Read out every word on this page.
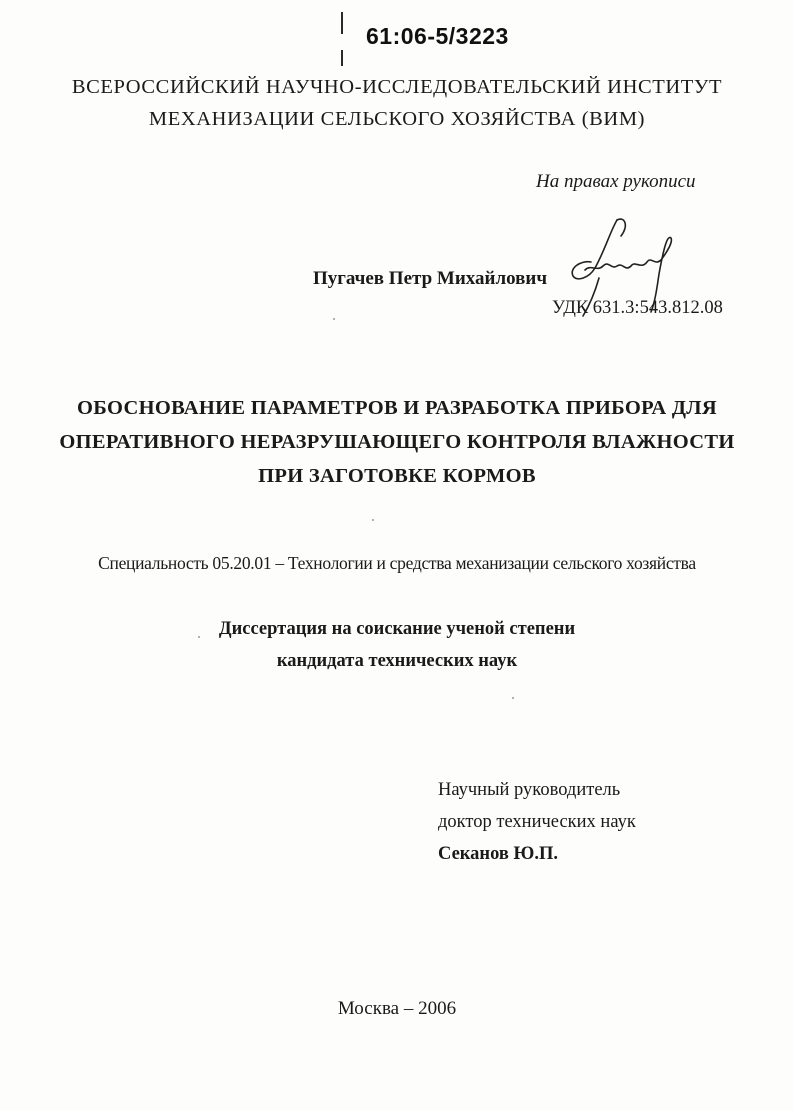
61:06-5/3223
ВСЕРОССИЙСКИЙ НАУЧНО-ИССЛЕДОВАТЕЛЬСКИЙ ИНСТИТУТ
МЕХАНИЗАЦИИ СЕЛЬСКОГО ХОЗЯЙСТВА (ВИМ)
На правах рукописи
Пугачев Петр Михайлович
УДК 631.3:543.812.08
ОБОСНОВАНИЕ ПАРАМЕТРОВ И РАЗРАБОТКА ПРИБОРА ДЛЯ
ОПЕРАТИВНОГО НЕРАЗРУШАЮЩЕГО КОНТРОЛЯ ВЛАЖНОСТИ
ПРИ ЗАГОТОВКЕ КОРМОВ
Специальность 05.20.01 – Технологии и средства механизации сельского хозяйства
Диссертация на соискание ученой степени
кандидата технических наук
Научный руководитель
доктор технических наук
Секанов Ю.П.
Москва – 2006
